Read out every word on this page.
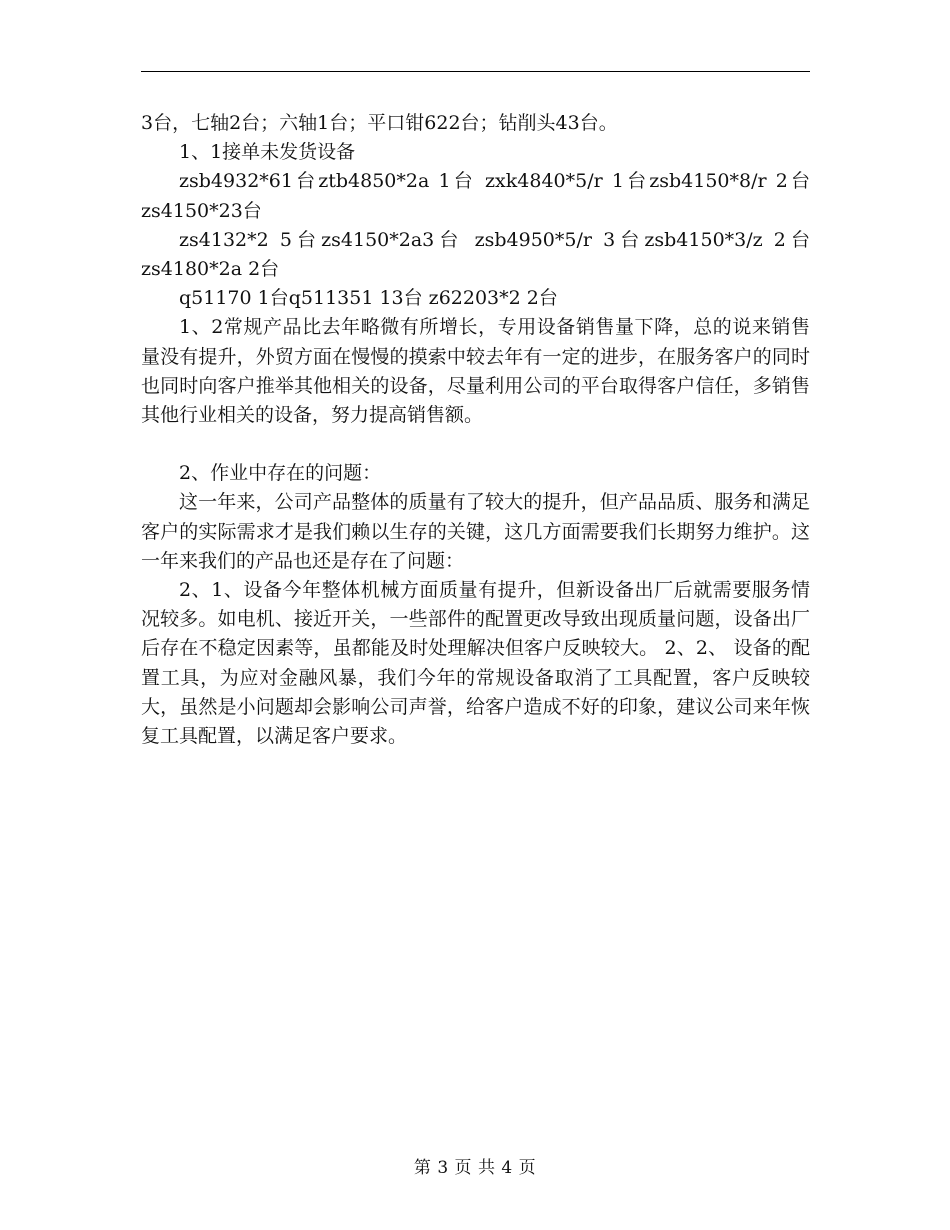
3台，七轴2台；六轴1台；平口钳622台；钻削头43台。

1、1接单未发货设备

zsb4932*61台ztb4850*2a 1台 zxk4840*5/r 1台zsb4150*8/r 2台zs4150*23台

zs4132*2 5台zs4150*2a3台 zsb4950*5/r 3台zsb4150*3/z 2台zs4180*2a 2台

q51170 1台q511351 13台 z62203*2 2台

1、2常规产品比去年略微有所增长，专用设备销售量下降，总的说来销售量没有提升，外贸方面在慢慢的摸索中较去年有一定的进步，在服务客户的同时也同时向客户推举其他相关的设备，尽量利用公司的平台取得客户信任，多销售其他行业相关的设备，努力提高销售额。

2、作业中存在的问题：

这一年来，公司产品整体的质量有了较大的提升，但产品品质、服务和满足客户的实际需求才是我们赖以生存的关键，这几方面需要我们长期努力维护。这一年来我们的产品也还是存在了问题：

2、1、设备今年整体机械方面质量有提升，但新设备出厂后就需要服务情况较多。如电机、接近开关，一些部件的配置更改导致出现质量问题，设备出厂后存在不稳定因素等，虽都能及时处理解决但客户反映较大。 2、2、 设备的配置工具，为应对金融风暴，我们今年的常规设备取消了工具配置，客户反映较大，虽然是小问题却会影响公司声誉，给客户造成不好的印象，建议公司来年恢复工具配置，以满足客户要求。

第 3 页 共 4 页
